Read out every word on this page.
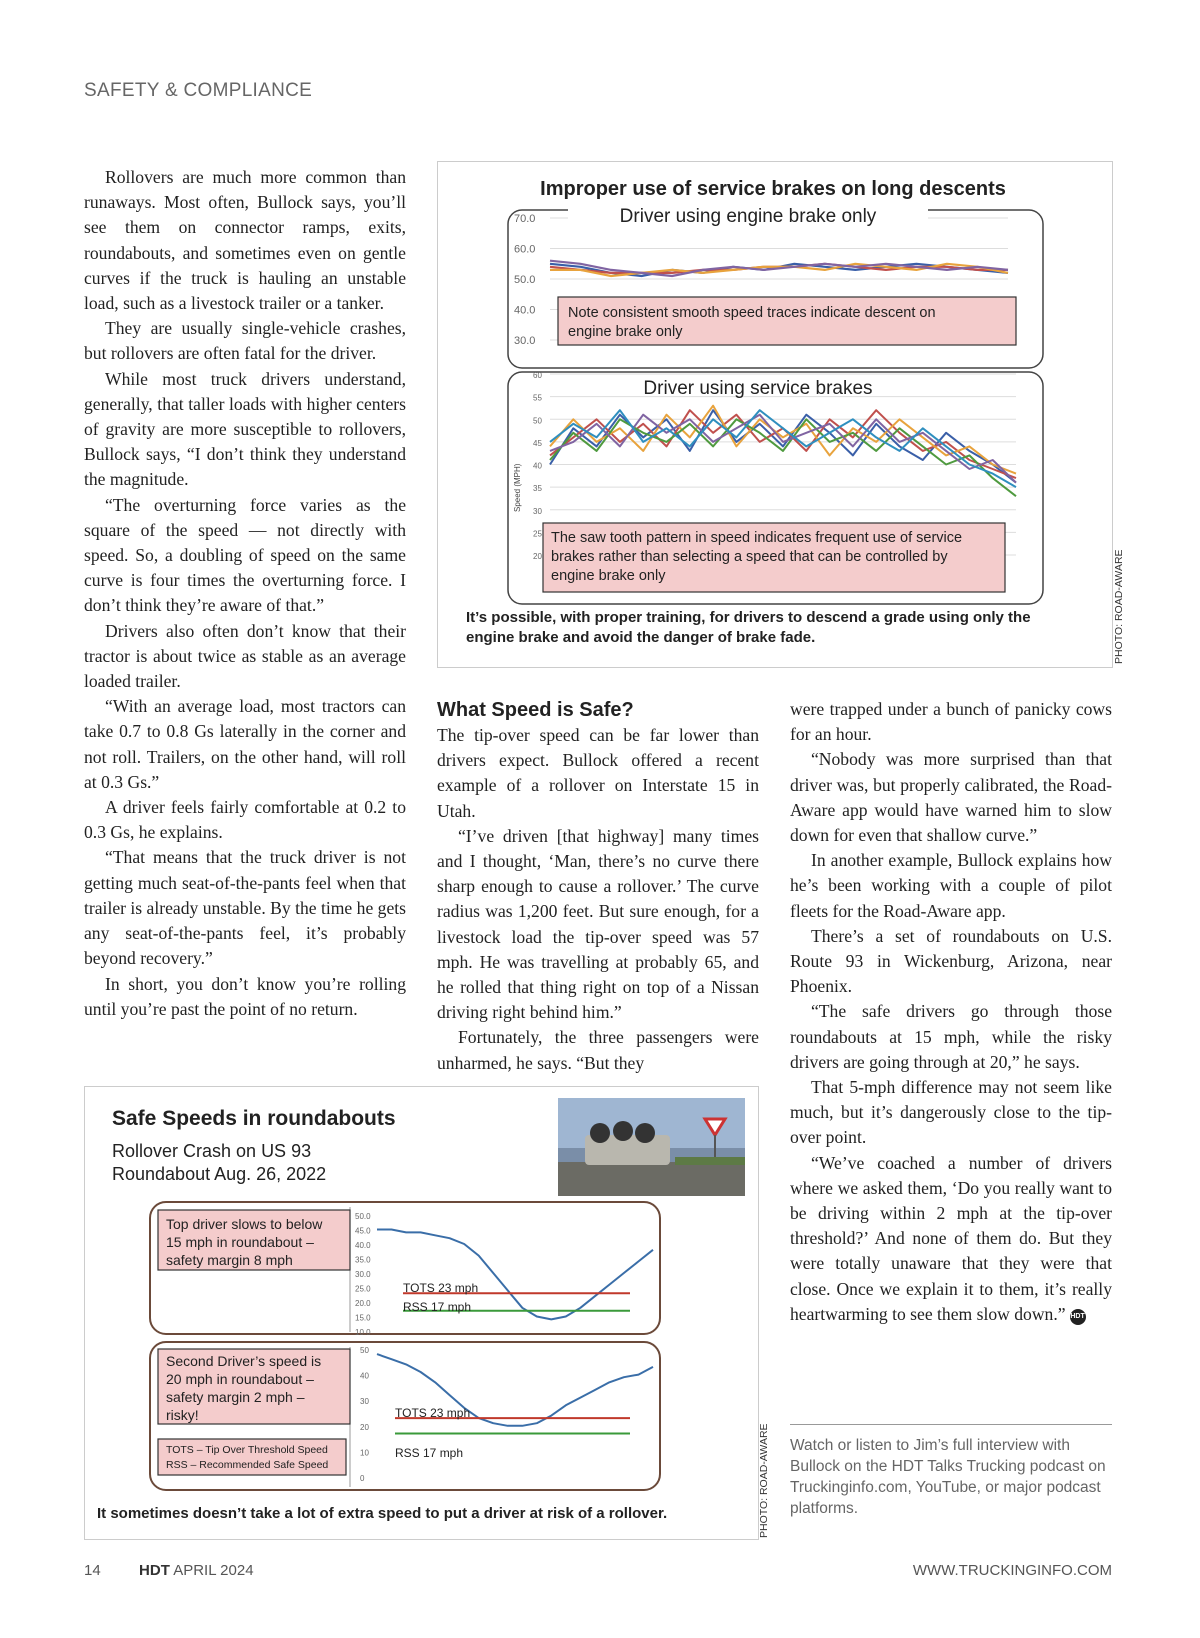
SAFETY & COMPLIANCE

Rollovers are much more common than runaways. Most often, Bullock says, you’ll see them on connector ramps, exits, roundabouts, and sometimes even on gentle curves if the truck is hauling an unstable load, such as a livestock trailer or a tanker.

They are usually single-vehicle crashes, but rollovers are often fatal for the driver.

While most truck drivers understand, generally, that taller loads with higher centers of gravity are more susceptible to rollovers, Bullock says, “I don’t think they understand the magnitude.

“The overturning force varies as the square of the speed — not directly with speed. So, a doubling of speed on the same curve is four times the overturning force. I don’t think they’re aware of that.”

Drivers also often don’t know that their tractor is about twice as stable as an average loaded trailer.

“With an average load, most tractors can take 0.7 to 0.8 Gs laterally in the corner and not roll. Trailers, on the other hand, will roll at 0.3 Gs.”

A driver feels fairly comfortable at 0.2 to 0.3 Gs, he explains.

“That means that the truck driver is not getting much seat-of-the-pants feel when that trailer is already unstable. By the time he gets any seat-of-the-pants feel, it’s probably beyond recovery.”

In short, you don’t know you’re rolling until you’re past the point of no return.

Improper use of service brakes on long descents
70.0
60.0
50.0
40.0
30.0
Driver using engine brake only
Note consistent smooth speed traces indicate descent on
engine brake only
60
55
50
45
40
35
30
25
20
Driver using service brakes
Speed (MPH)
The saw tooth pattern in speed indicates frequent use of service
brakes rather than selecting a speed that can be controlled by
engine brake only
It’s possible, with proper training, for drivers to descend a grade using only the
engine brake and avoid the danger of brake fade.	PHOTO: ROAD-AWARE

What Speed is Safe?

The tip-over speed can be far lower than drivers expect. Bullock offered a recent example of a rollover on Interstate 15 in Utah.

“I’ve driven [that highway] many times and I thought, ‘Man, there’s no curve there sharp enough to cause a rollover.’ The curve radius was 1,200 feet. But sure enough, for a livestock load the tip-over speed was 57 mph. He was travelling at probably 65, and he rolled that thing right on top of a Nissan driving right behind him.”

Fortunately, the three passengers were unharmed, he says. “But they

were trapped under a bunch of panicky cows for an hour.

“Nobody was more surprised than that driver was, but properly calibrated, the Road-Aware app would have warned him to slow down for even that shallow curve.”

In another example, Bullock explains how he’s been working with a couple of pilot fleets for the Road-Aware app.

There’s a set of roundabouts on U.S. Route 93 in Wickenburg, Arizona, near Phoenix.

“The safe drivers go through those roundabouts at 15 mph, while the risky drivers are going through at 20,” he says.

That 5-mph difference may not seem like much, but it’s dangerously close to the tip-over point.

“We’ve coached a number of drivers where we asked them, ‘Do you really want to be driving within 2 mph at the tip-over threshold?’ And none of them do. But they were totally unaware that they were that close. Once we explain it to them, it’s really heartwarming to see them slow down.” HDT

Watch or listen to Jim’s full interview with Bullock on the HDT Talks Trucking podcast on Truckinginfo.com, YouTube, or major podcast platforms.
Safe Speeds in roundabouts
Rollover Crash on US 93
Roundabout Aug. 26, 2022
50.0
45.0
40.0
35.0
30.0
25.0
20.0
15.0
10.0
Top driver slows to below
15 mph in roundabout –
safety margin 8 mph
TOTS 23 mph
RSS 17 mph
50
40
30
20
10
0
Second Driver’s speed is
20 mph in roundabout –
safety margin 2 mph –
risky!
TOTS – Tip Over Threshold Speed
RSS – Recommended Safe Speed
TOTS 23 mph
RSS 17 mph
It sometimes doesn’t take a lot of extra speed to put a driver at risk of a rollover.	PHOTO: ROAD-AWARE
14	HDT APRIL 2024	WWW.TRUCKINGINFO.COM
